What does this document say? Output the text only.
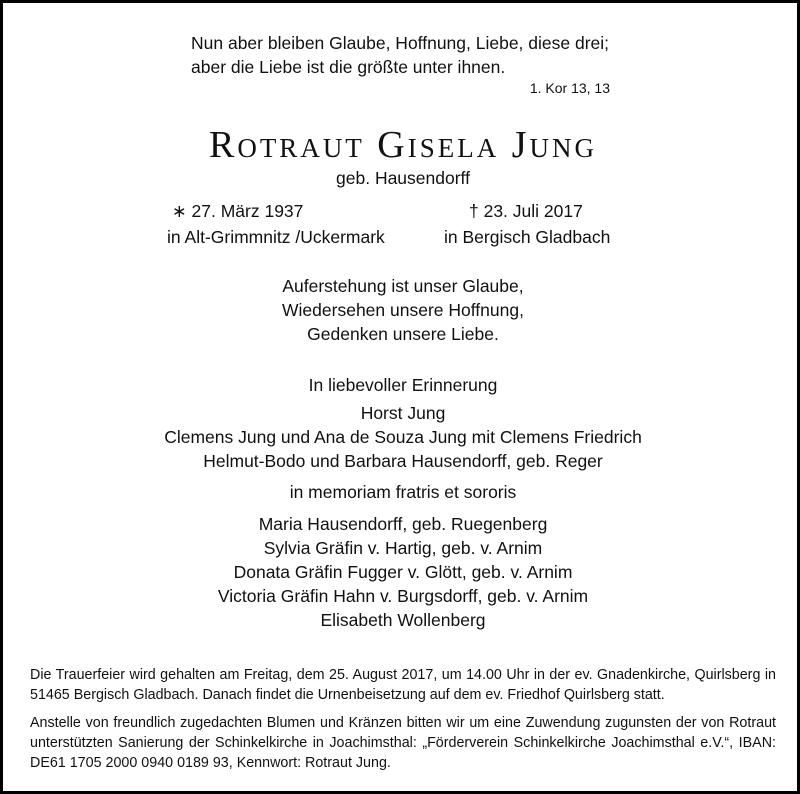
Nun aber bleiben Glaube, Hoffnung, Liebe, diese drei;
aber die Liebe ist die größte unter ihnen.
1. Kor 13, 13
Rotraut Gisela Jung
geb. Hausendorff
∗ 27. März 1937
in Alt-Grimmnitz /Uckermark
† 23. Juli 2017
in Bergisch Gladbach
Auferstehung ist unser Glaube,
Wiedersehen unsere Hoffnung,
Gedenken unsere Liebe.
In liebevoller Erinnerung
Horst Jung
Clemens Jung und Ana de Souza Jung mit Clemens Friedrich
Helmut-Bodo und Barbara Hausendorff, geb. Reger
in memoriam fratris et sororis
Maria Hausendorff, geb. Ruegenberg
Sylvia Gräfin v. Hartig, geb. v. Arnim
Donata Gräfin Fugger v. Glött, geb. v. Arnim
Victoria Gräfin Hahn v. Burgsdorff, geb. v. Arnim
Elisabeth Wollenberg
Die Trauerfeier wird gehalten am Freitag, dem 25. August 2017, um 14.00 Uhr in der ev. Gnadenkirche, Quirlsberg in 51465 Bergisch Gladbach. Danach findet die Urnenbeisetzung auf dem ev. Friedhof Quirlsberg statt.
Anstelle von freundlich zugedachten Blumen und Kränzen bitten wir um eine Zuwendung zugunsten der von Rotraut unterstützten Sanierung der Schinkelkirche in Joachimsthal: „Förderverein Schinkelkirche Joachimsthal e.V.“, IBAN: DE61 1705 2000 0940 0189 93, Kennwort: Rotraut Jung.
